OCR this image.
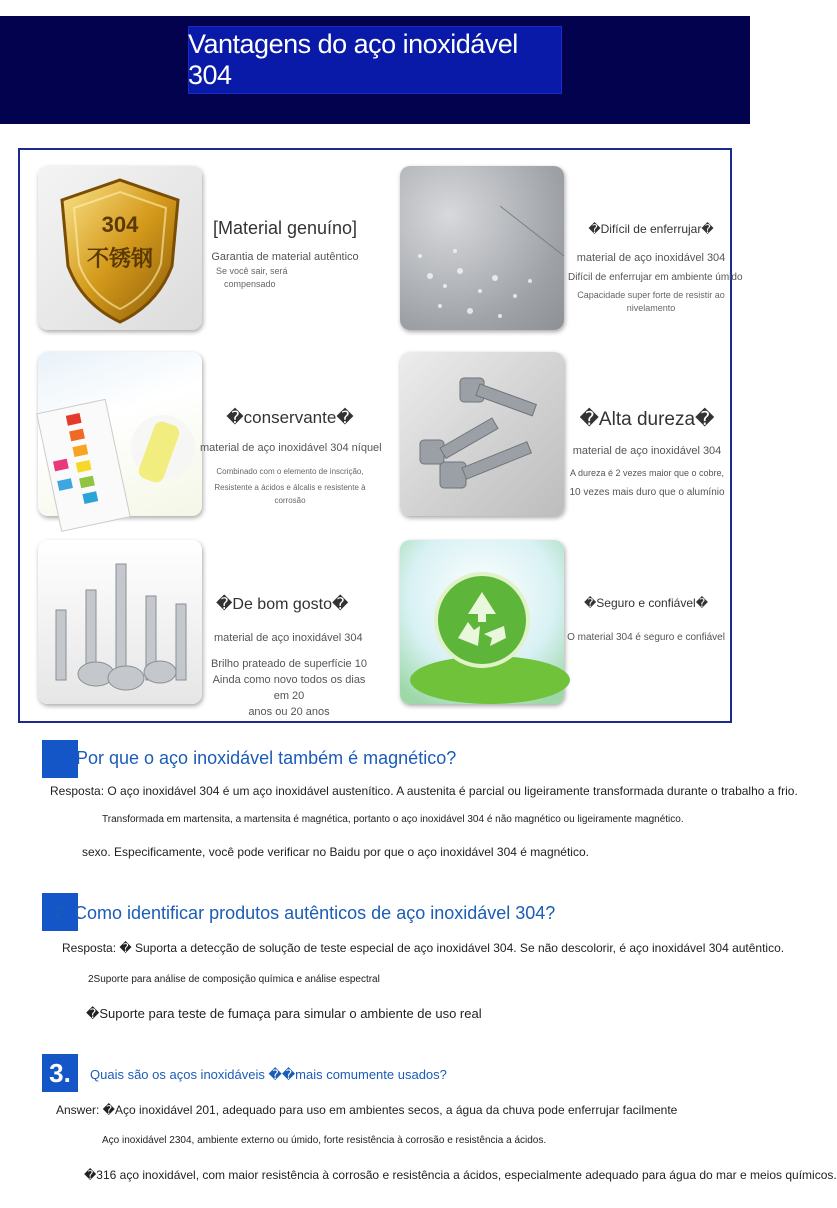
Vantagens do aço inoxidável 304
304
不锈钢
[Material genuíno]
Garantia de material autêntico
Se você sair, será
compensado
�Difícil de enferrujar�
material de aço inoxidável 304
Difícil de enferrujar em ambiente úmido
Capacidade super forte de resistir ao
nivelamento
�conservante�
material de aço inoxidável 304 níquel
Combinado com o elemento de inscrição,
Resistente a ácidos e álcalis e resistente à
corrosão
�Alta dureza�
material de aço inoxidável 304
A dureza é 2 vezes maior que o cobre,
10 vezes mais duro que o alumínio
�De bom gosto�
material de aço inoxidável 304
Brilho prateado de superfície 10
Ainda como novo todos os dias em 20
anos ou 20 anos
�Seguro e confiável�
O material 304 é seguro e confiável
·Por que o aço inoxidável também é magnético?
Resposta: O aço inoxidável 304 é um aço inoxidável austenítico. A austenita é parcial ou ligeiramente transformada durante o trabalho a frio.
Transformada em martensita, a martensita é magnética, portanto o aço inoxidável 304 é não magnético ou ligeiramente magnético.
sexo. Especificamente, você pode verificar no Baidu por que o aço inoxidável 304 é magnético.
2. Como identificar produtos autênticos de aço inoxidável 304?
Resposta: � Suporta a detecção de solução de teste especial de aço inoxidável 304. Se não descolorir, é aço inoxidável 304 autêntico.
2Suporte para análise de composição química e análise espectral
�Suporte para teste de fumaça para simular o ambiente de uso real
3.	Quais são os aços inoxidáveis ��mais comumente usados?
Answer: �Aço inoxidável 201, adequado para uso em ambientes secos, a água da chuva pode enferrujar facilmente
Aço inoxidável 2304, ambiente externo ou úmido, forte resistência à corrosão e resistência a ácidos.
�316 aço inoxidável, com maior resistência à corrosão e resistência a ácidos, especialmente adequado para água do mar e meios químicos.
